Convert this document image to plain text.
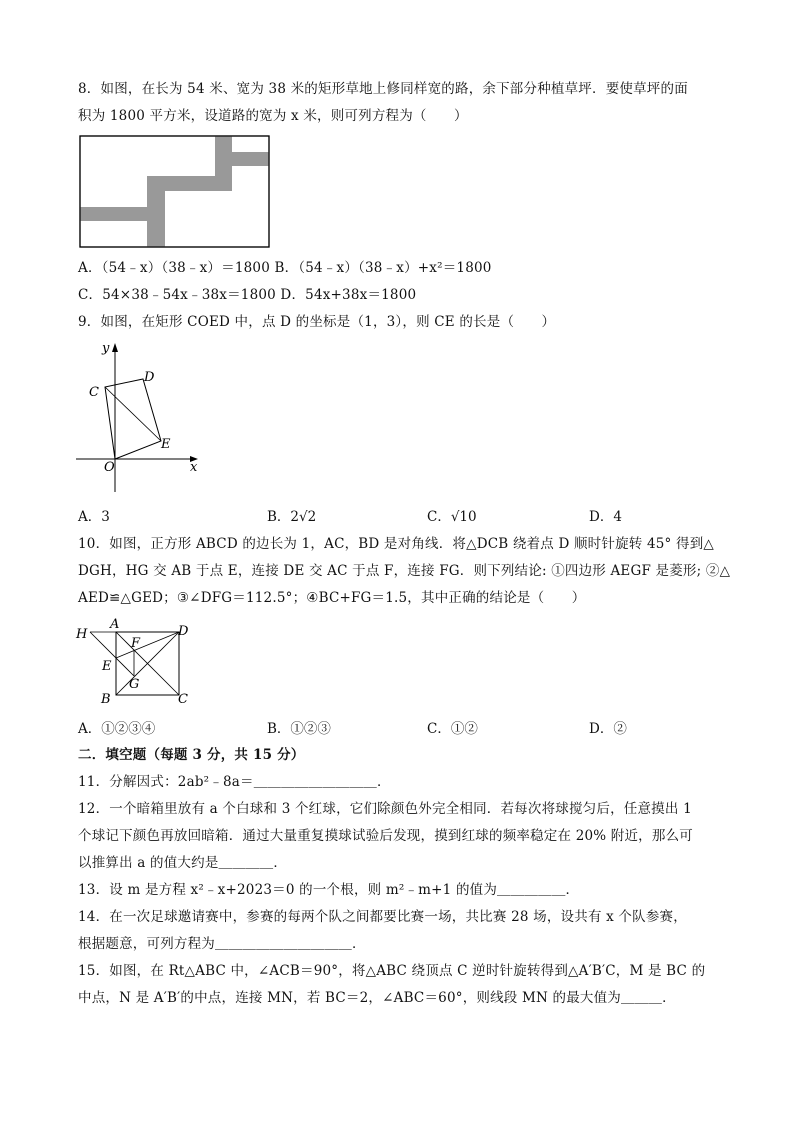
8．如图，在长为 54 米、宽为 38 米的矩形草地上修同样宽的路，余下部分种植草坪．要使草坪的面
积为 1800 平方米，设道路的宽为 x 米，则可列方程为（　　）
A．（54﹣x）（38﹣x）＝1800 B．（54﹣x）（38﹣x）+x²＝1800
C．54×38﹣54x﹣38x＝1800 D．54x+38x＝1800
9．如图，在矩形 COED 中，点 D 的坐标是（1，3），则 CE 的长是（　　）
y
x
C
D
E
O
A．3	B．2√2	C．√10	D．4
10．如图，正方形 ABCD 的边长为 1，AC，BD 是对角线．将△DCB 绕着点 D 顺时针旋转 45° 得到△
DGH，HG 交 AB 于点 E，连接 DE 交 AC 于点 F，连接 FG．则下列结论: ①四边形 AEGF 是菱形; ②△
AED≌△GED；③∠DFG＝112.5°；④BC+FG＝1.5，其中正确的结论是（　　）
H
A	D
F
E
G
B	C
A．①②③④	B．①②③	C．①②	D．②
二．填空题（每题 3 分，共 15 分）
11．分解因式：2ab²﹣8a＝＿＿＿＿＿＿＿＿＿．
12．一个暗箱里放有 a 个白球和 3 个红球，它们除颜色外完全相同．若每次将球搅匀后，任意摸出 1
个球记下颜色再放回暗箱．通过大量重复摸球试验后发现，摸到红球的频率稳定在 20% 附近，那么可
以推算出 a 的值大约是＿＿＿＿．
13．设 m 是方程 x²﹣x+2023＝0 的一个根，则 m²﹣m+1 的值为＿＿＿＿＿．
14．在一次足球邀请赛中，参赛的每两个队之间都要比赛一场，共比赛 28 场，设共有 x 个队参赛，
根据题意，可列方程为＿＿＿＿＿＿＿＿＿＿．
15．如图，在 Rt△ABC 中，∠ACB＝90°，将△ABC 绕顶点 C 逆时针旋转得到△A′B′C，M 是 BC 的
中点，N 是 A′B′的中点，连接 MN，若 BC＝2，∠ABC＝60°，则线段 MN 的最大值为＿＿＿．
